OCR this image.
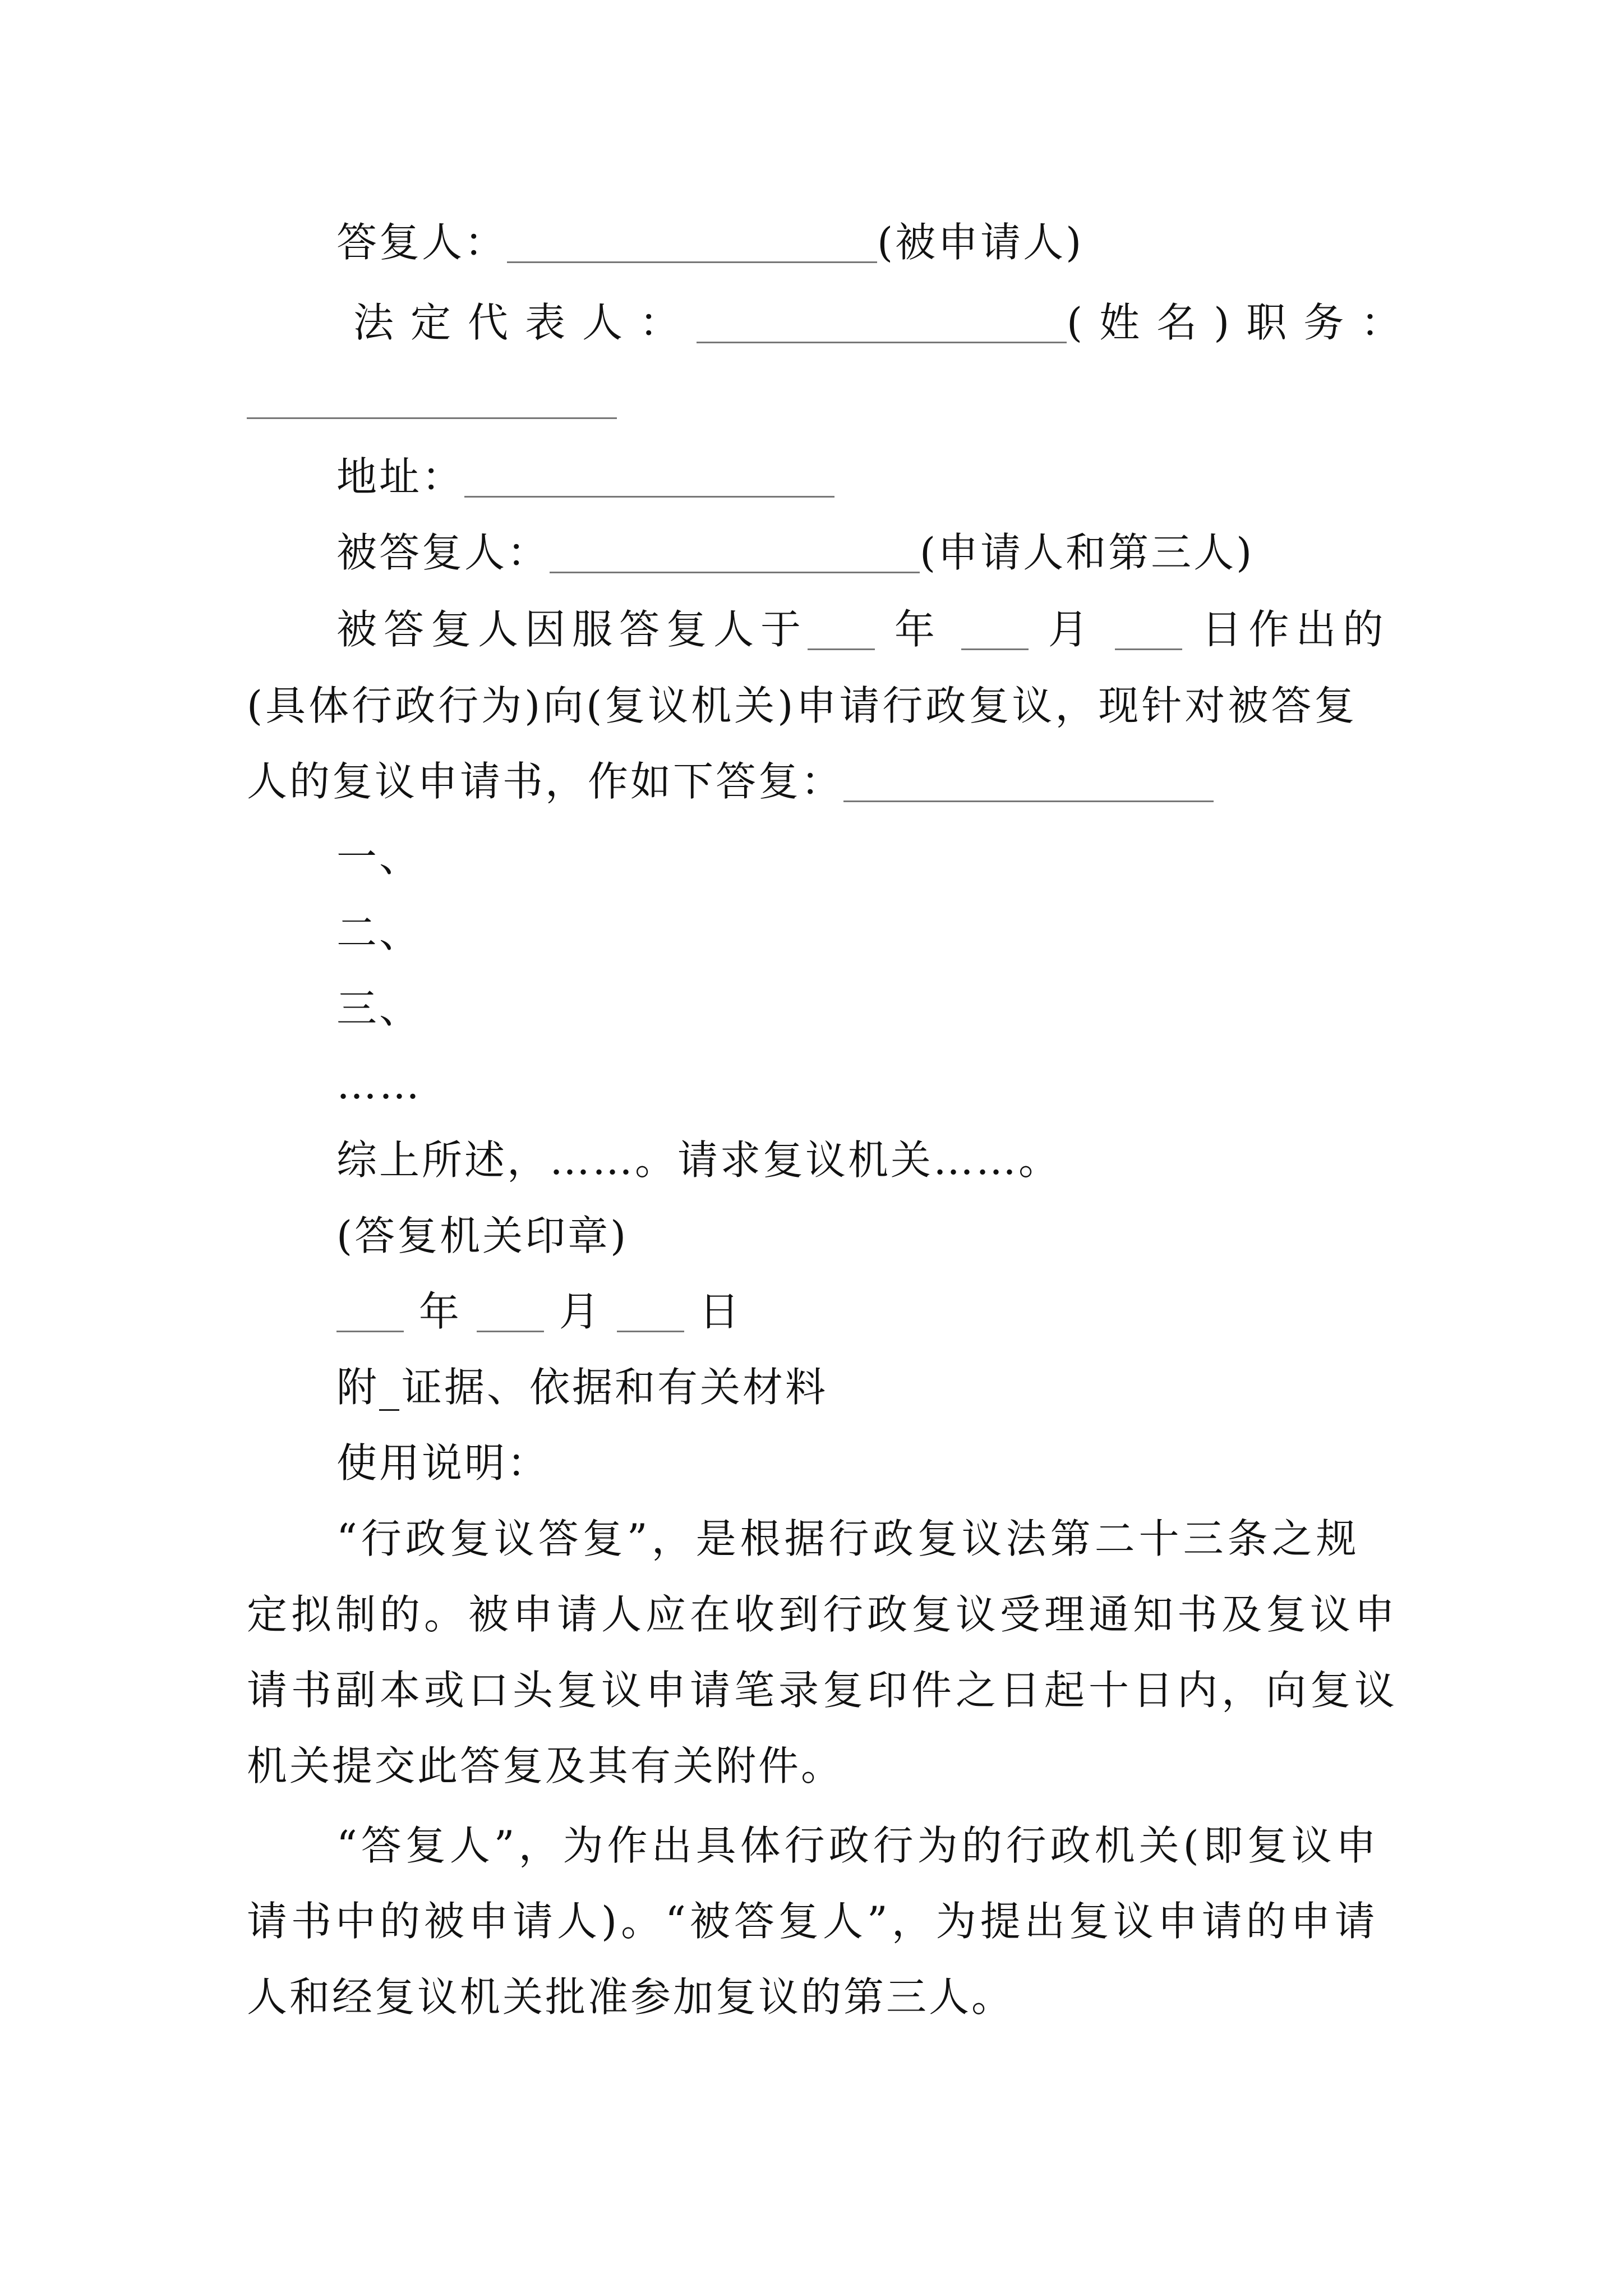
答复人：	(被申请人)
法定代表人：	(姓名)职务：
地址：
被答复人：	(申请人和第三人)
被答复人因服答复人于 年	月	日作出的
(具体行政行为)向(复议机关)申请行政复议，现针对被答复
人的复议申请书，作如下答复：
一、
二、
三、
……
综上所述，……。请求复议机关……。
(答复机关印章)
年 月 日
附_证据、依据和有关材料
使用说明：
“行政复议答复”，是根据行政复议法第二十三条之规
定拟制的。被申请人应在收到行政复议受理通知书及复议申
请书副本或口头复议申请笔录复印件之日起十日内，向复议
机关提交此答复及其有关附件。
“答复人”，为作出具体行政行为的行政机关(即复议申
请书中的被申请人)。“被答复人”，为提出复议申请的申请
人和经复议机关批准参加复议的第三人。
